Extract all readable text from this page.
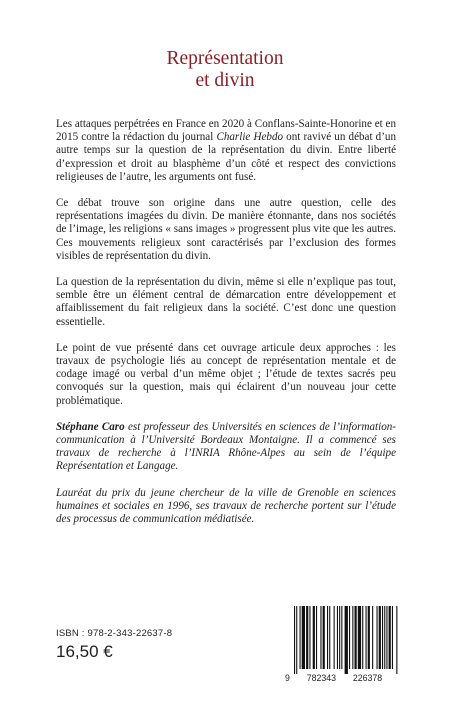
Représentation
et divin

Les attaques perpétrées en France en 2020 à Conflans-Sainte-Honorine et en 2015 contre la rédaction du journal Charlie Hebdo ont ravivé un débat d’un autre temps sur la question de la représentation du divin. Entre liberté d’expression et droit au blasphème d’un côté et respect des convictions religieuses de l’autre, les arguments ont fusé.

Ce débat trouve son origine dans une autre question, celle des représentations imagées du divin. De manière étonnante, dans nos sociétés de l’image, les religions « sans images » progressent plus vite que les autres. Ces mouvements religieux sont caractérisés par l’exclusion des formes visibles de représentation du divin.

La question de la représentation du divin, même si elle n’explique pas tout, semble être un élément central de démarcation entre développement et affaiblissement du fait religieux dans la société. C’est donc une question essentielle.

Le point de vue présenté dans cet ouvrage articule deux approches : les travaux de psychologie liés au concept de représentation mentale et de codage imagé ou verbal d’un même objet ; l’étude de textes sacrés peu convoqués sur la question, mais qui éclairent d’un nouveau jour cette problématique.

Stéphane Caro est professeur des Universités en sciences de l’information-communication à l’Université Bordeaux Montaigne. Il a commencé ses travaux de recherche à l’INRIA Rhône-Alpes au sein de l’équipe Représentation et Langage.

Lauréat du prix du jeune chercheur de la ville de Grenoble en sciences humaines et sociales en 1996, ses travaux de recherche portent sur l’étude des processus de communication médiatisée.

ISBN : 978-2-343-22637-8
16,50 €
9 782343 226378
